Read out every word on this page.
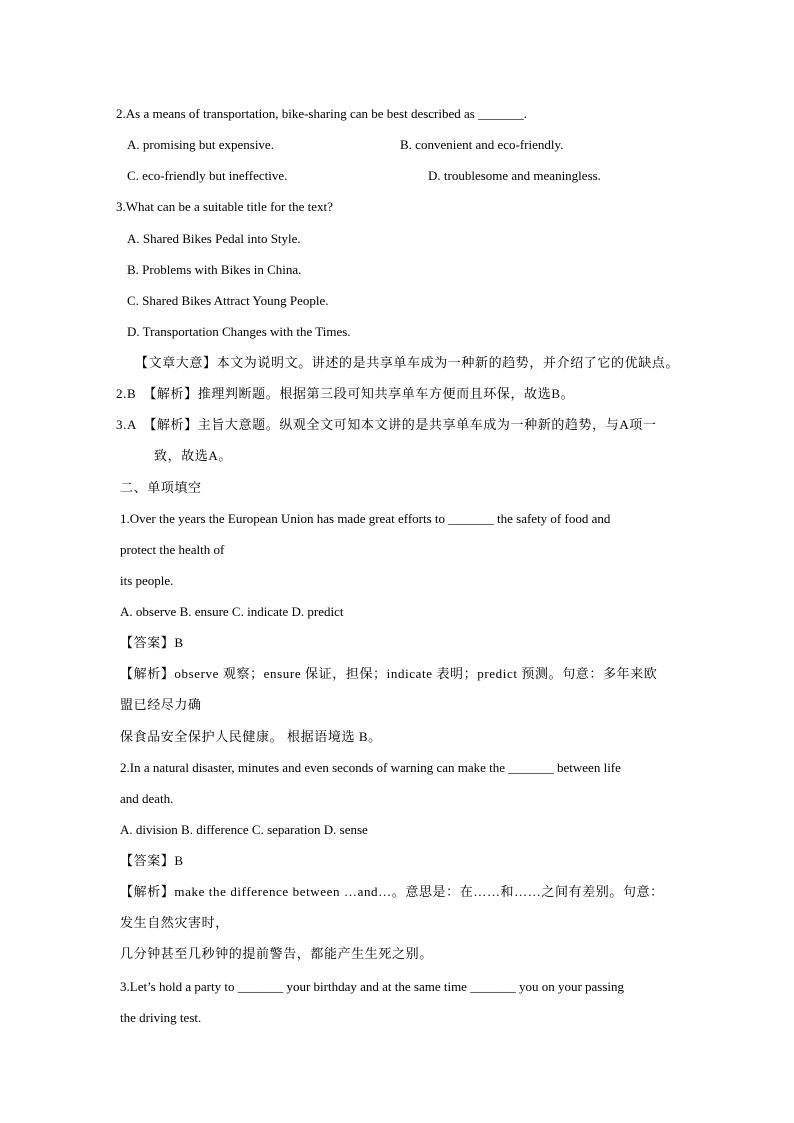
2.As a means of transportation, bike-sharing can be best described as _______.
A. promising but expensive.	B. convenient and eco-friendly.
C. eco-friendly but ineffective.	D. troublesome and meaningless.
3.What can be a suitable title for the text?
A. Shared Bikes Pedal into Style.
B. Problems with Bikes in China.
C. Shared Bikes Attract Young People.
D. Transportation Changes with the Times.
【文章大意】本文为说明文。讲述的是共享单车成为一种新的趋势，并介绍了它的优缺点。
2.B　【解析】推理判断题。根据第三段可知共享单车方便而且环保，故选B。
3.A　【解析】主旨大意题。纵观全文可知本文讲的是共享单车成为一种新的趋势，与A项一
致，故选A。
二、单项填空
1.Over the years the European Union has made great efforts to _______ the safety of food and
protect the health of
its people.
A. observe B. ensure C. indicate D. predict
【答案】B
【解析】observe 观察；ensure 保证，担保；indicate 表明；predict 预测。句意：多年来欧
盟已经尽力确
保食品安全保护人民健康。 根据语境选 B。
2.In a natural disaster, minutes and even seconds of warning can make the _______ between life
and death.
A. division B. difference C. separation D. sense
【答案】B
【解析】make the difference between …and…。意思是：在……和……之间有差别。句意：
发生自然灾害时，
几分钟甚至几秒钟的提前警告，都能产生生死之别。
3.Let’s hold a party to _______ your birthday and at the same time _______ you on your passing
the driving test.
